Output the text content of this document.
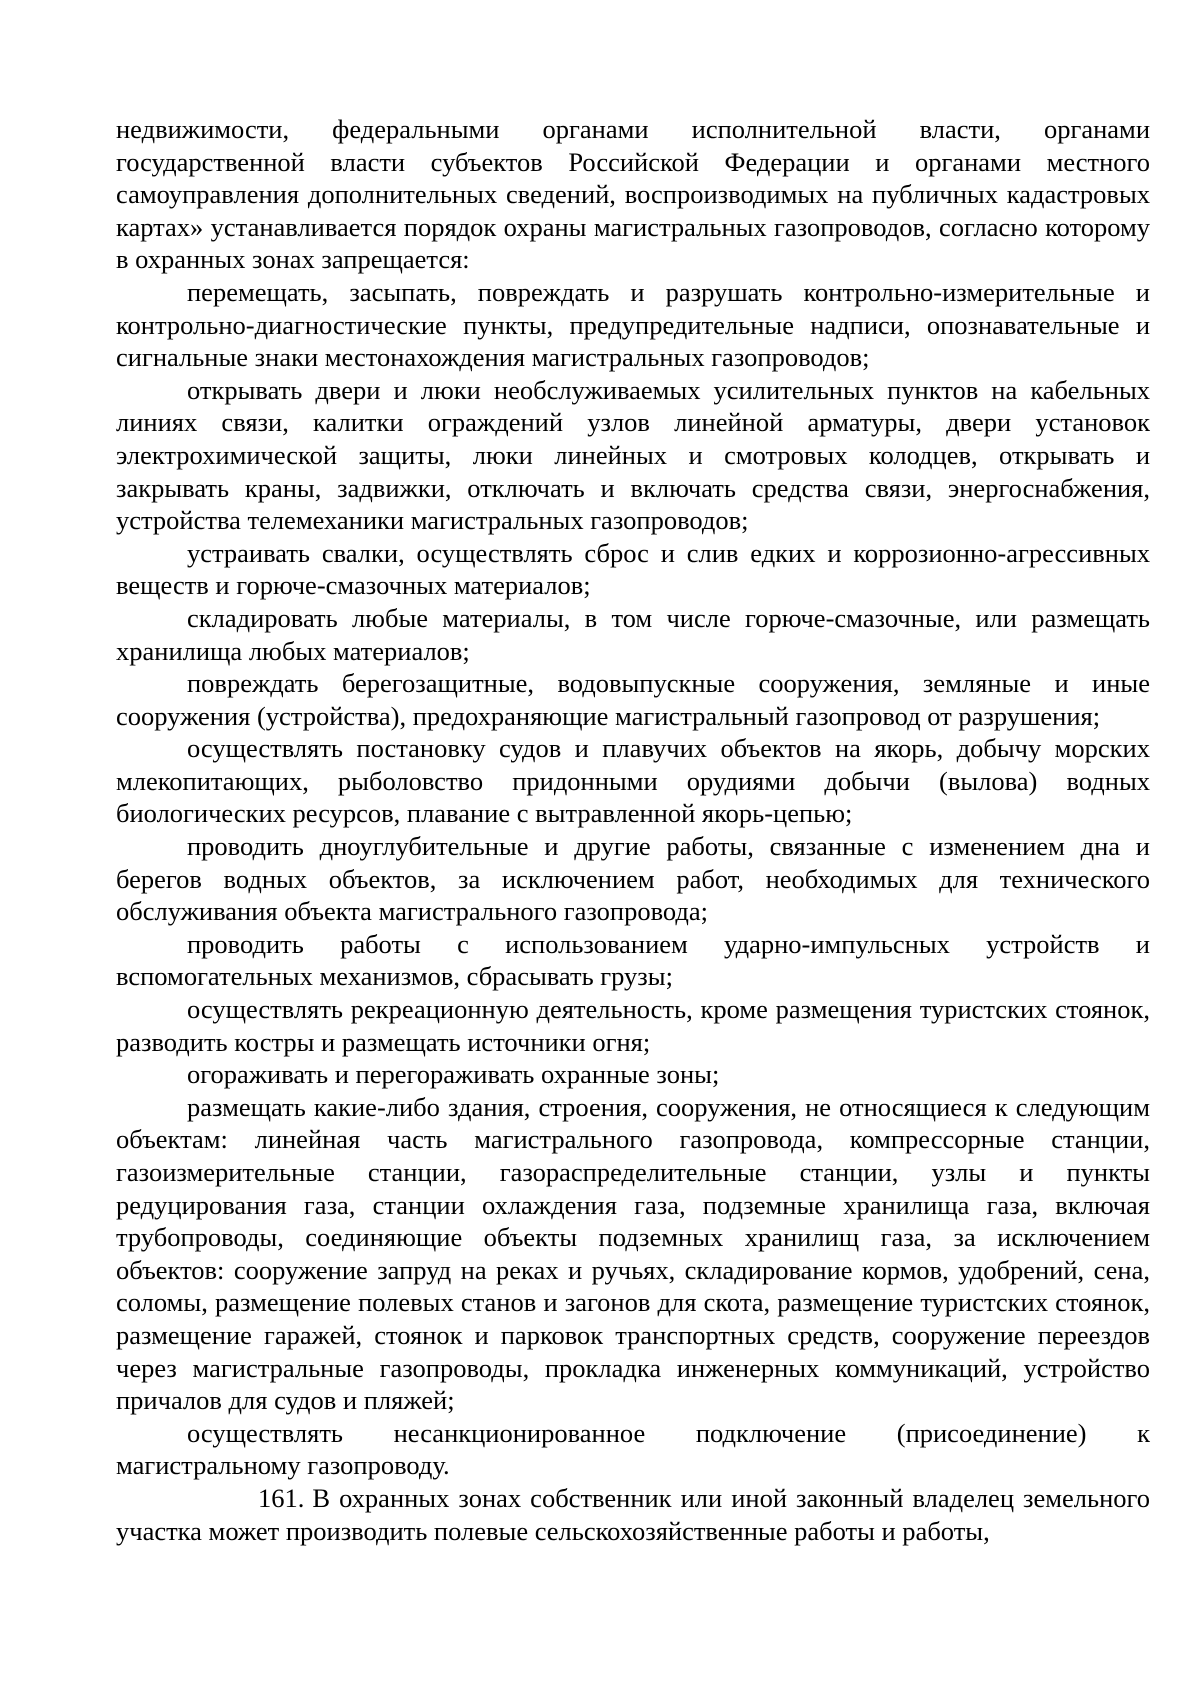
недвижимости, федеральными органами исполнительной власти, органами государственной власти субъектов Российской Федерации и органами местного самоуправления дополнительных сведений, воспроизводимых на публичных кадастровых картах» устанавливается порядок охраны магистральных газопроводов, согласно которому в охранных зонах запрещается:

перемещать, засыпать, повреждать и разрушать контрольно-измерительные и контрольно-диагностические пункты, предупредительные надписи, опознавательные и сигнальные знаки местонахождения магистральных газопроводов;

открывать двери и люки необслуживаемых усилительных пунктов на кабельных линиях связи, калитки ограждений узлов линейной арматуры, двери установок электрохимической защиты, люки линейных и смотровых колодцев, открывать и закрывать краны, задвижки, отключать и включать средства связи, энергоснабжения, устройства телемеханики магистральных газопроводов;

устраивать свалки, осуществлять сброс и слив едких и коррозионно-агрессивных веществ и горюче-смазочных материалов;

складировать любые материалы, в том числе горюче-смазочные, или размещать хранилища любых материалов;

повреждать берегозащитные, водовыпускные сооружения, земляные и иные сооружения (устройства), предохраняющие магистральный газопровод от разрушения;

осуществлять постановку судов и плавучих объектов на якорь, добычу морских млекопитающих, рыболовство придонными орудиями добычи (вылова) водных биологических ресурсов, плавание с вытравленной якорь-цепью;

проводить дноуглубительные и другие работы, связанные с изменением дна и берегов водных объектов, за исключением работ, необходимых для технического обслуживания объекта магистрального газопровода;

проводить работы с использованием ударно-импульсных устройств и вспомогательных механизмов, сбрасывать грузы;

осуществлять рекреационную деятельность, кроме размещения туристских стоянок, разводить костры и размещать источники огня;

огораживать и перегораживать охранные зоны;

размещать какие-либо здания, строения, сооружения, не относящиеся к следующим объектам: линейная часть магистрального газопровода, компрессорные станции, газоизмерительные станции, газораспределительные станции, узлы и пункты редуцирования газа, станции охлаждения газа, подземные хранилища газа, включая трубопроводы, соединяющие объекты подземных хранилищ газа, за исключением объектов: сооружение запруд на реках и ручьях, складирование кормов, удобрений, сена, соломы, размещение полевых станов и загонов для скота, размещение туристских стоянок, размещение гаражей, стоянок и парковок транспортных средств, сооружение переездов через магистральные газопроводы, прокладка инженерных коммуникаций, устройство причалов для судов и пляжей;

осуществлять несанкционированное подключение (присоединение) к магистральному газопроводу.

161. В охранных зонах собственник или иной законный владелец земельного участка может производить полевые сельскохозяйственные работы и работы,
